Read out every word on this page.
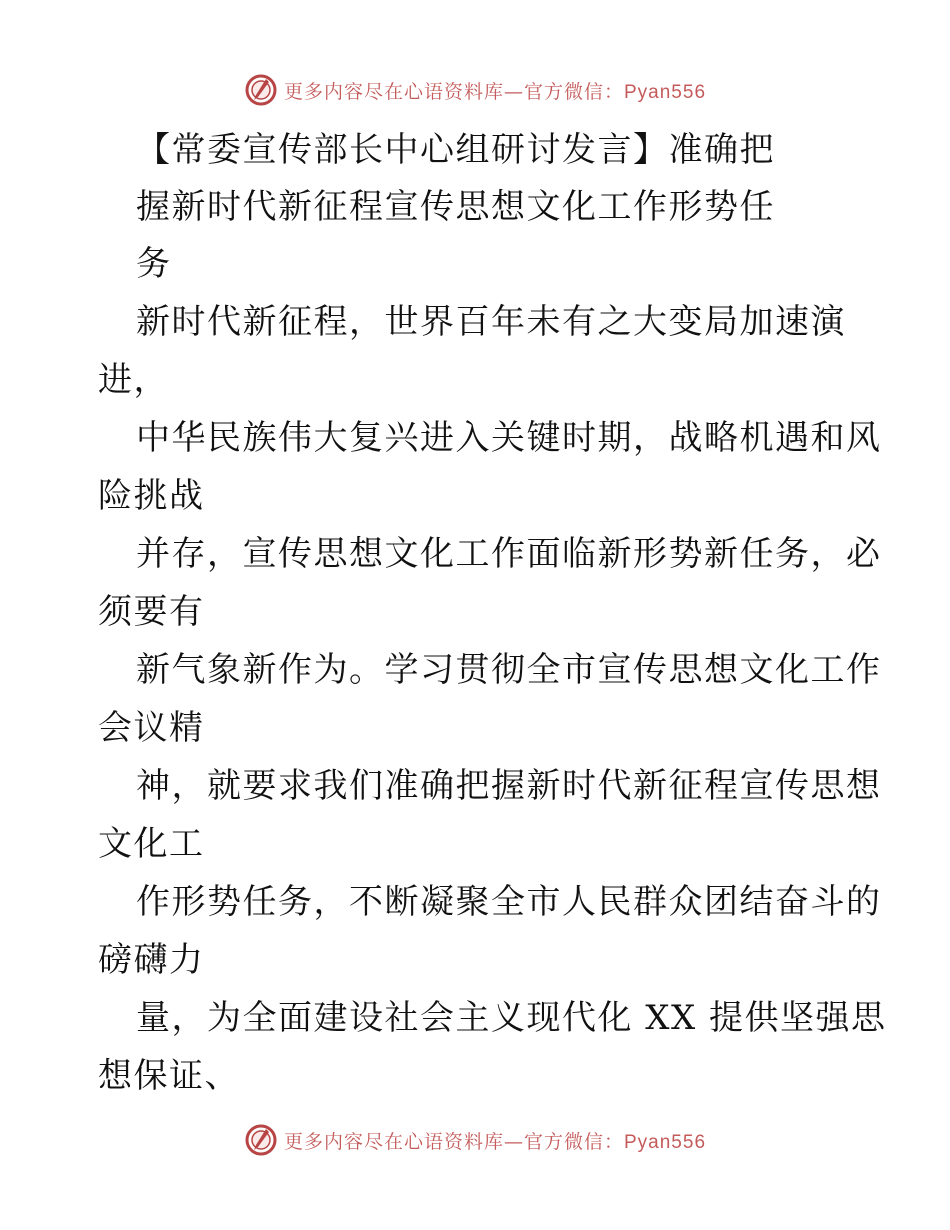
更多内容尽在心语资料库—官方微信：Pyan556
【常委宣传部长中心组研讨发言】准确把
握新时代新征程宣传思想文化工作形势任
务

新时代新征程，世界百年未有之大变局加速演

进，

中华民族伟大复兴进入关键时期，战略机遇和风

险挑战

并存，宣传思想文化工作面临新形势新任务，必

须要有

新气象新作为。学习贯彻全市宣传思想文化工作

会议精

神，就要求我们准确把握新时代新征程宣传思想

文化工

作形势任务，不断凝聚全市人民群众团结奋斗的

磅礴力

量，为全面建设社会主义现代化 XX 提供坚强思

想保证、

更多内容尽在心语资料库—官方微信：Pyan556
